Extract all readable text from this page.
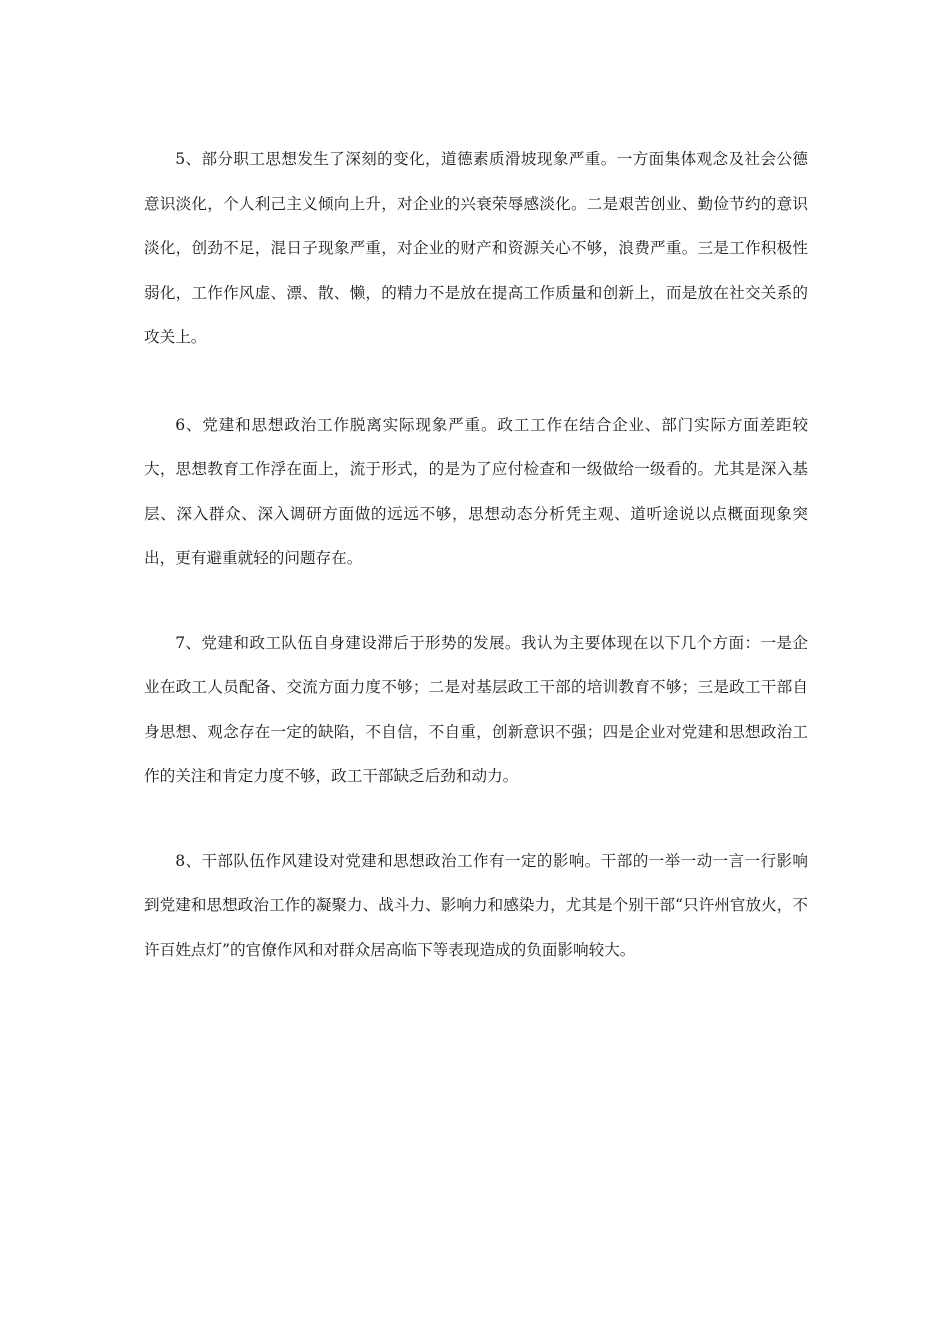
5、部分职工思想发生了深刻的变化，道德素质滑坡现象严重。一方面集体观念及社会公德意识淡化，个人利己主义倾向上升，对企业的兴衰荣辱感淡化。二是艰苦创业、勤俭节约的意识淡化，创劲不足，混日子现象严重，对企业的财产和资源关心不够，浪费严重。三是工作积极性弱化，工作作风虚、漂、散、懒，的精力不是放在提高工作质量和创新上，而是放在社交关系的攻关上。

6、党建和思想政治工作脱离实际现象严重。政工工作在结合企业、部门实际方面差距较大，思想教育工作浮在面上，流于形式，的是为了应付检查和一级做给一级看的。尤其是深入基层、深入群众、深入调研方面做的远远不够，思想动态分析凭主观、道听途说以点概面现象突出，更有避重就轻的问题存在。

7、党建和政工队伍自身建设滞后于形势的发展。我认为主要体现在以下几个方面：一是企业在政工人员配备、交流方面力度不够；二是对基层政工干部的培训教育不够；三是政工干部自身思想、观念存在一定的缺陷，不自信，不自重，创新意识不强；四是企业对党建和思想政治工作的关注和肯定力度不够，政工干部缺乏后劲和动力。

8、干部队伍作风建设对党建和思想政治工作有一定的影响。干部的一举一动一言一行影响到党建和思想政治工作的凝聚力、战斗力、影响力和感染力，尤其是个别干部“只许州官放火，不许百姓点灯”的官僚作风和对群众居高临下等表现造成的负面影响较大。
